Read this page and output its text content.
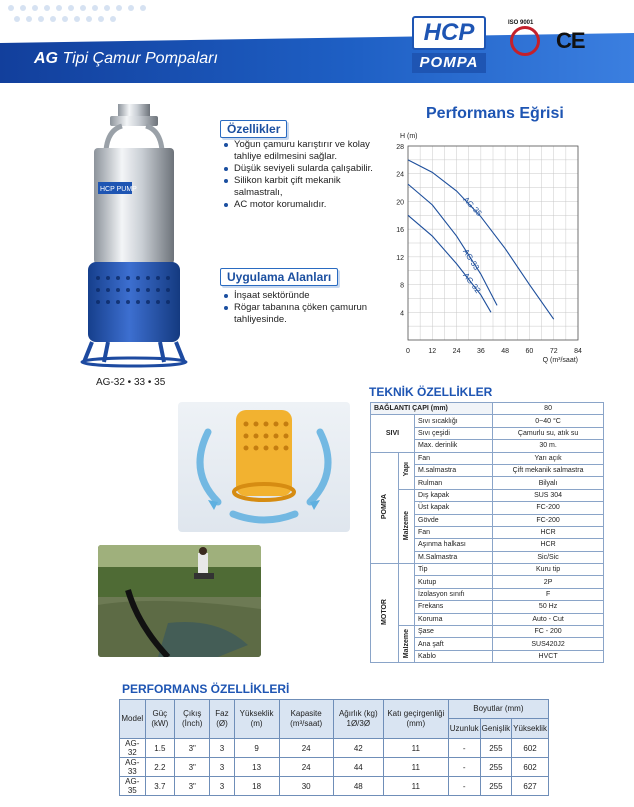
AG Tipi Çamur Pompaları
HCP
POMPA
ISO 9001
CE
HCP PUMP
AG-32 • 33 • 35
Özellikler
Yoğun çamuru karıştırır ve kolay tahliye edilmesini sağlar.
Düşük seviyeli sularda çalışabilir.
Silikon karbit çift mekanik salmastralı,
AC motor korumalıdır.
Uygulama Alanları
İnşaat sektöründe
Rögar tabanına çöken çamurun tahliyesinde.
Performans Eğrisi
0	12 24 36 48 60 72 84
4
8
12
16
20
24
28
H (m)
Q (m³/saat)
AG-35
AG-33
AG-32
TEKNİK ÖZELLİKLER
BAĞLANTI ÇAPI (mm)			80
SIVI		Sıvı sıcaklığı	0~40 °C
		Sıvı çeşidi	Çamurlu su, atık su
		Max. derinlik	30 m.
POMPA	Yapı	Fan	Yarı açık
		M.salmastra	Çift mekanik salmastra
		Rulman	Bilyalı
	Malzeme	Dış kapak	SUS 304
		Üst kapak	FC-200
		Gövde	FC-200
		Fan	HCR
		Aşınma halkası	HCR
		M.Salmastra	Sic/Sic
MOTOR		Tip	Kuru tip
		Kutup	2P
		İzolasyon sınıfı	F
		Frekans	50 Hz
		Koruma	Auto - Cut
	Malzeme	Şase	FC - 200
		Ana şaft	SUS420J2
		Kablo	HVCT
PERFORMANS ÖZELLİKLERİ
Model	Güç (kW)	Çıkış (İnch)	Faz (Ø)	Yükseklik (m)	Kapasite (m³/saat)	Ağırlık (kg) 1Ø/3Ø	Katı geçirgenliği (mm)	Boyutlar (mm)		
								Uzunluk	Genişlik	Yükseklik
AG-32	1.5	3"	3	9	24	42	11	-	255	602
AG-33	2.2	3"	3	13	24	44	11	-	255	602
AG-35	3.7	3"	3	18	30	48	11	-	255	627
